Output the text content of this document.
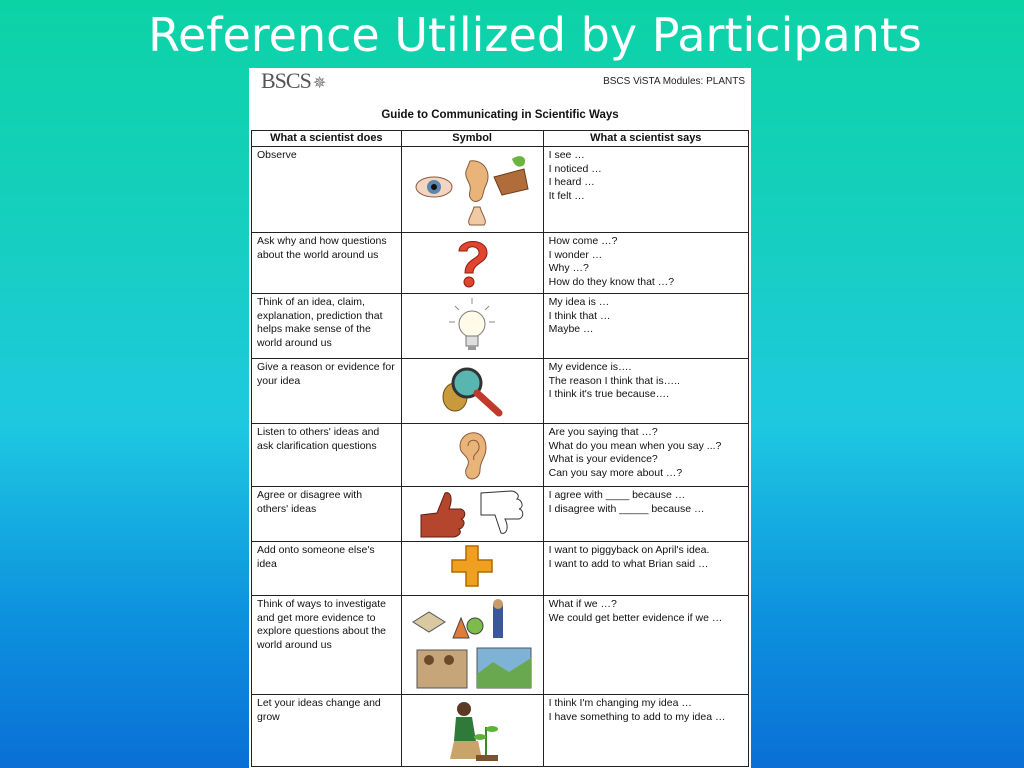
Reference Utilized by Participants
BSCS ✵	BSCS ViSTA Modules: PLANTS
Guide to Communicating in Scientific Ways
What a scientist does	Symbol	What a scientist says
Observe		I see …
I noticed …
I heard …
It felt …

Ask why and how questions about the world around us		How come …?
I wonder …
Why …?
How do they know that …?

Think of an idea, claim, explanation, prediction that helps make sense of the world around us		My idea is …
I think that …
Maybe …

Give a reason or evidence for your idea		My evidence is….
The reason I think that is…..
I think it's true because….

Listen to others' ideas and ask clarification questions		Are you saying that …?
What do you mean when you say ...?
What is your evidence?
Can you say more about …?

Agree or disagree with others' ideas		I agree with ____ because …
I disagree with _____ because …

Add onto someone else's idea		I want to piggyback on April's idea.
I want to add to what Brian said …

Think of ways to investigate and get more evidence to explore questions about the world around us		What if we …?
We could get better evidence if we …

Let your ideas change and grow		I think I'm changing my idea …
I have something to add to my idea …
